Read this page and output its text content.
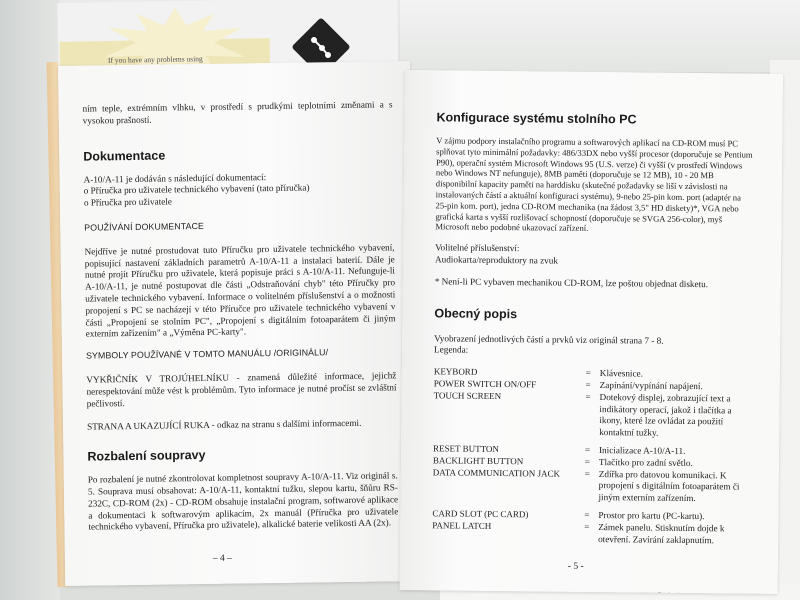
If you have any problems using

ním teple, extrémním vlhku, v prostředí s prudkými teplotními změnami a s vysokou prašností.

Dokumentace

A-10/A-11 je dodáván s následující dokumentací:

o Příručka pro uživatele technického vybavení (tato příručka)

o Příručka pro uživatele

POUŽÍVÁNÍ DOKUMENTACE

Nejdříve je nutné prostudovat tuto Příručku pro uživatele technického vybavení, popisující nastavení základních parametrů A-10/A-11 a instalaci baterií. Dále je nutné projít Příručku pro uživatele, která popisuje práci s A-10/A-11. Nefunguje-li A-10/A-11, je nutné postupovat dle části „Odstraňování chyb" této Příručky pro uživatele technického vybavení. Informace o volitelném příslušenství a o možnosti propojení s PC se nacházejí v této Příručce pro uživatele technického vybavení v části „Propojení se stolním PC", „Propojení s digitálním fotoaparátem či jiným externím zařízením" a „Výměna PC-karty".

SYMBOLY POUŽÍVANÉ V TOMTO MANUÁLU /ORIGINÁLU/

VYKŘIČNÍK V TROJÚHELNÍKU - znamená důležité informace, jejichž nerespektování může vést k problémům. Tyto informace je nutné pročíst se zvláštní pečlivostí.

STRANA A UKAZUJÍCÍ RUKA - odkaz na stranu s dalšími informacemi.

Rozbalení soupravy

Po rozbalení je nutné zkontrolovat kompletnost soupravy A-10/A-11. Viz originál s. 5. Souprava musí obsahovat: A-10/A-11, kontaktní tužku, slepou kartu, šňůru RS-232C, CD-ROM (2x) - CD-ROM obsahuje instalační program, softwarové aplikace a dokumentaci k softwarovým aplikacím, 2x manuál (Příručka pro uživatele technického vybavení, Příručka pro uživatele), alkalické baterie velikosti AA (2x).

– 4 –
Konfigurace systému stolního PC

V zájmu podpory instalačního programu a softwarových aplikací na CD-ROM musí PC splňovat tyto minimální požadavky: 486/33DX nebo vyšší procesor (doporučuje se Pentium P90), operační systém Microsoft Windows 95 (U.S. verze) či vyšší (v prostředí Windows nebo Windows NT nefunguje), 8MB paměti (doporučuje se 12 MB), 10 - 20 MB disponibilní kapacity paměti na harddisku (skutečné požadavky se liší v závislosti na instalovaných částí a aktuální konfiguraci systému), 9-nebo 25-pin kom. port (adaptér na 25-pin kom. port), jedna CD-ROM mechanika (na žádost 3,5" HD diskety)*, VGA nebo grafická karta s vyšší rozlišovací schopností (doporučuje se SVGA 256-color), myš Microsoft nebo podobné ukazovací zařízení.

Volitelné příslušenství:

Audiokarta/reproduktory na zvuk

* Není-li PC vybaven mechanikou CD-ROM, lze poštou objednat disketu.

Obecný popis

Vyobrazení jednotlivých částí a prvků viz originál strana 7 - 8.

Legenda:

KEYBORD	= Klávesnice.
POWER SWITCH ON/OFF	= Zapínání/vypínání napájení.
TOUCH SCREEN	= Dotekový displej, zobrazující text a indikátory operací, jakož i tlačítka a ikony, které lze ovládat za použití kontaktní tužky.
RESET BUTTON	= Inicializace A-10/A-11.
BACKLIGHT BUTTON	= Tlačítko pro zadní světlo.
DATA COMMUNICATION JACK	= Zdířka pro datovou komunikaci. K propojení s digitálním fotoaparátem či jiným externím zařízením.
CARD SLOT (PC CARD)	= Prostor pro kartu (PC-kartu).
PANEL LATCH	= Zámek panelu. Stisknutím dojde k otevření. Zavírání zaklapnutím.
- 5 -
